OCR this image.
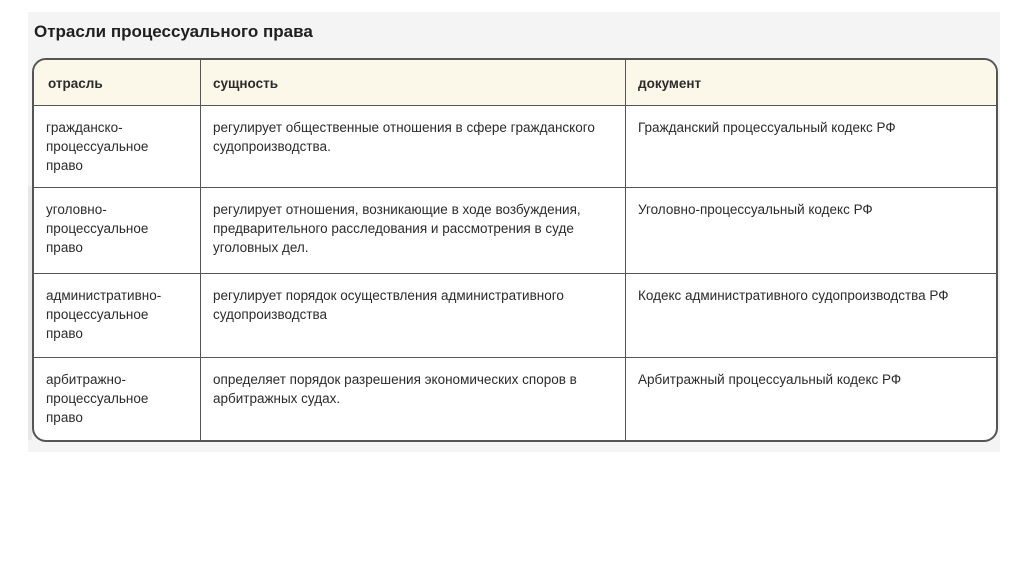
Отрасли процессуального права
отрасль	сущность	документ
гражданско-процессуальное право
регулирует общественные отношения в сфере гражданского судопроизводства.
Гражданский процессуальный кодекс РФ
уголовно-процессуальное право
регулирует отношения, возникающие в ходе возбуждения, предварительного расследования и рассмотрения в суде уголовных дел.
Уголовно-процессуальный кодекс РФ
административно-процессуальное право
регулирует порядок осуществления административного судопроизводства
Кодекс административного судопроизводства РФ
арбитражно-процессуальное право
определяет порядок разрешения экономических споров в арбитражных судах.
Арбитражный процессуальный кодекс РФ
